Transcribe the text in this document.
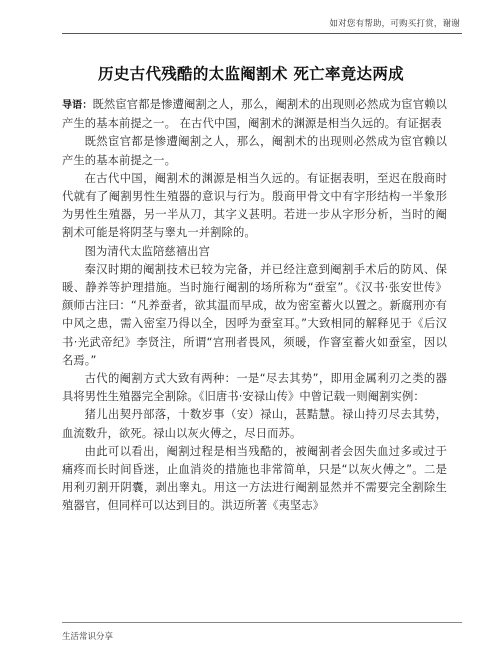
如对您有帮助，可购买打赏，谢谢
历史古代残酷的太监阉割术 死亡率竟达两成

导语：既然宦官都是惨遭阉割之人，那么，阉割术的出现则必然成为宦官赖以产生的基本前提之一。 在古代中国，阉割术的渊源是相当久远的。有证据表

既然宦官都是惨遭阉割之人，那么，阉割术的出现则必然成为宦官赖以产生的基本前提之一。

在古代中国，阉割术的渊源是相当久远的。有证据表明，至迟在殷商时代就有了阉割男性生殖器的意识与行为。殷商甲骨文中有字形结构一半象形为男性生殖器，另一半从刀，其字义甚明。若进一步从字形分析，当时的阉割术可能是将阴茎与睾丸一并割除的。

图为清代太监陪慈禧出宫

秦汉时期的阉割技术已较为完备，并已经注意到阉割手术后的防风、保暖、静养等护理措施。当时施行阉割的场所称为“蚕室”。《汉书·张安世传》颜师古注曰：“凡养蚕者，欲其温而早成，故为密室蓄火以置之。新腐刑亦有中风之患，需入密室乃得以全，因呼为蚕室耳。”大致相同的解释见于《后汉书·光武帝纪》李贤注，所谓“宫刑者畏风，须暖，作窨室蓄火如蚕室，因以名焉。”

古代的阉割方式大致有两种：一是“尽去其势”，即用金属利刃之类的器具将男性生殖器完全割除。《旧唐书·安禄山传》中曾记载一则阉割实例：

猪儿出契丹部落，十数岁事（安）禄山，甚黠慧。禄山持刃尽去其势，血流数升，欲死。禄山以灰火傅之，尽日而苏。

由此可以看出，阉割过程是相当残酷的，被阉割者会因失血过多或过于痛疼而长时间昏迷，止血消炎的措施也非常简单，只是“以灰火傅之”。二是用利刃割开阴囊，剥出睾丸。用这一方法进行阉割显然并不需要完全割除生殖器官，但同样可以达到目的。洪迈所著《夷坚志》

生活常识分享
